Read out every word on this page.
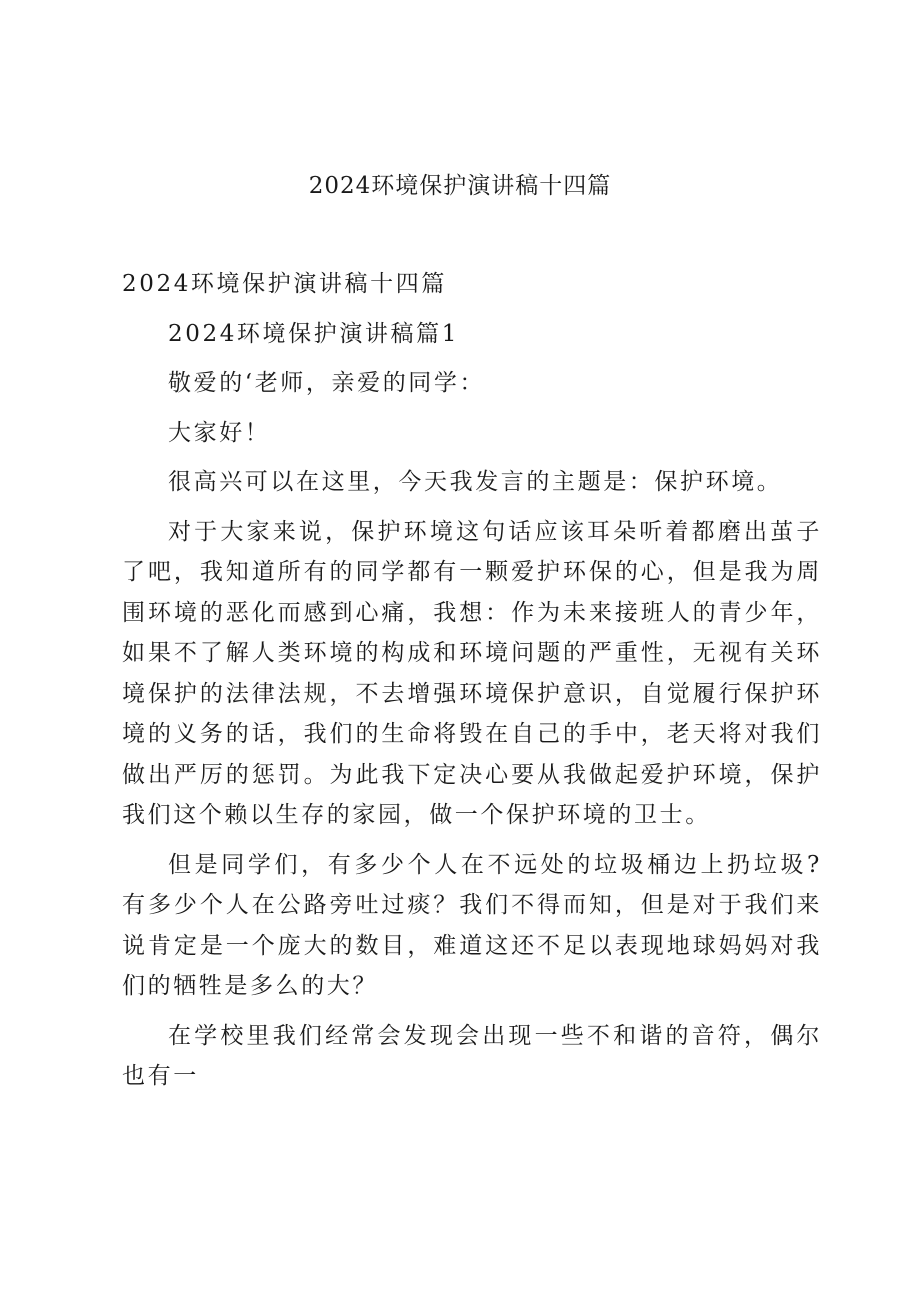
2024环境保护演讲稿十四篇

2024环境保护演讲稿十四篇

2024环境保护演讲稿篇1

敬爱的‘老师，亲爱的同学：

大家好！

很高兴可以在这里，今天我发言的主题是：保护环境。

对于大家来说，保护环境这句话应该耳朵听着都磨出茧子了吧，我知道所有的同学都有一颗爱护环保的心，但是我为周围环境的恶化而感到心痛，我想：作为未来接班人的青少年，如果不了解人类环境的构成和环境问题的严重性，无视有关环境保护的法律法规，不去增强环境保护意识，自觉履行保护环境的义务的话，我们的生命将毁在自己的手中，老天将对我们做出严厉的惩罚。为此我下定决心要从我做起爱护环境，保护我们这个赖以生存的家园，做一个保护环境的卫士。

但是同学们，有多少个人在不远处的垃圾桶边上扔垃圾?有多少个人在公路旁吐过痰？我们不得而知，但是对于我们来说肯定是一个庞大的数目，难道这还不足以表现地球妈妈对我们的牺牲是多么的大？

在学校里我们经常会发现会出现一些不和谐的音符，偶尔也有一
